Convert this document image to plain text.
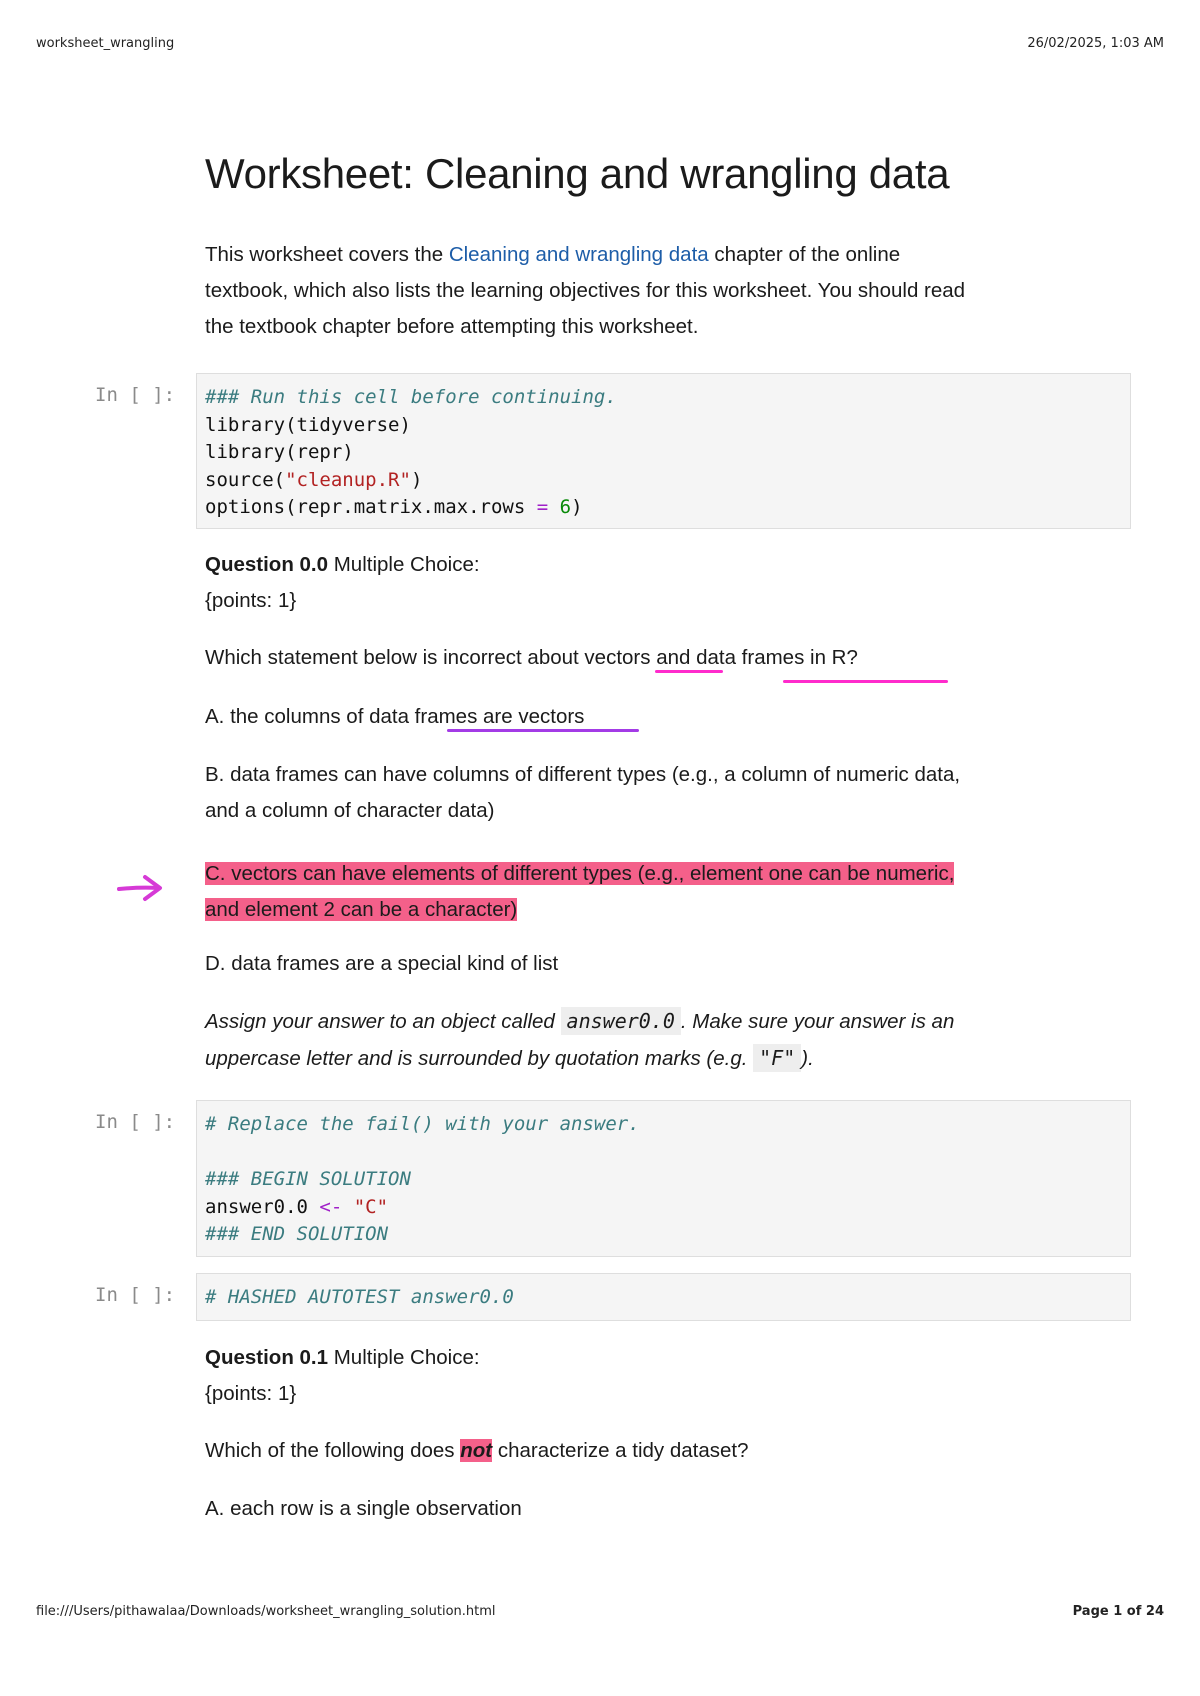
worksheet_wrangling	26/02/2025, 1:03 AM
file:///Users/pithawalaa/Downloads/worksheet_wrangling_solution.html	Page 1 of 24
Worksheet: Cleaning and wrangling data

This worksheet covers the Cleaning and wrangling data chapter of the online
textbook, which also lists the learning objectives for this worksheet. You should read
the textbook chapter before attempting this worksheet.

In [ ]:	### Run this cell before continuing.
library(tidyverse)
library(repr)
source("cleanup.R")
options(repr.matrix.max.rows = 6)

Question 0.0 Multiple Choice:
{points: 1}

Which statement below is incorrect about vectors and data frames in R?

A. the columns of data frames are vectors

B. data frames can have columns of different types (e.g., a column of numeric data,
and a column of character data)

C. vectors can have elements of different types (e.g., element one can be numeric,
and element 2 can be a character)

D. data frames are a special kind of list

Assign your answer to an object called answer0.0 . Make sure your answer is an
uppercase letter and is surrounded by quotation marks (e.g. "F" ).

In [ ]:	# Replace the fail() with your answer.

### BEGIN SOLUTION
answer0.0 <- "C"
### END SOLUTION
In [ ]:	# HASHED AUTOTEST answer0.0

Question 0.1 Multiple Choice:
{points: 1}

Which of the following does not characterize a tidy dataset?

A. each row is a single observation
